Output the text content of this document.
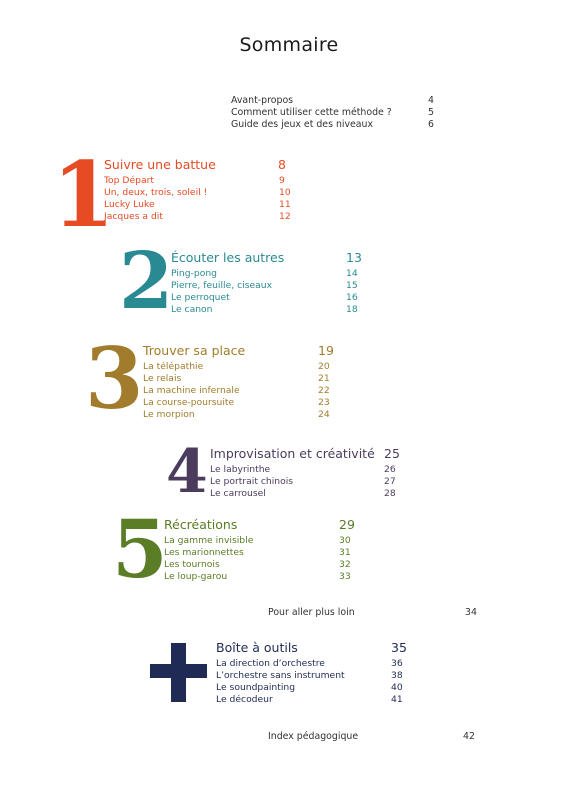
Sommaire
Avant-propos	4
Comment utiliser cette méthode ?	5
Guide des jeux et des niveaux	6
1
Suivre une battue	8
Top Départ	9
Un, deux, trois, soleil !	10
Lucky Luke	11
Jacques a dit	12
2
Écouter les autres	13
Ping-pong	14
Pierre, feuille, ciseaux	15
Le perroquet	16
Le canon	18
3 Trouver sa place	19
La télépathie	20
Le relais	21
La machine infernale	22
La course-poursuite	23
Le morpion	24
4 Improvisation et créativité 25
Le labyrinthe	26
Le portrait chinois	27
Le carrousel	28
5
Récréations	29
La gamme invisible	30
Les marionnettes	31
Les tournois	32
Le loup-garou	33
Pour aller plus loin	34
Boîte à outils	35
La direction d’orchestre	36
L’orchestre sans instrument	38
Le soundpainting	40
Le décodeur	41
Index pédagogique	42
